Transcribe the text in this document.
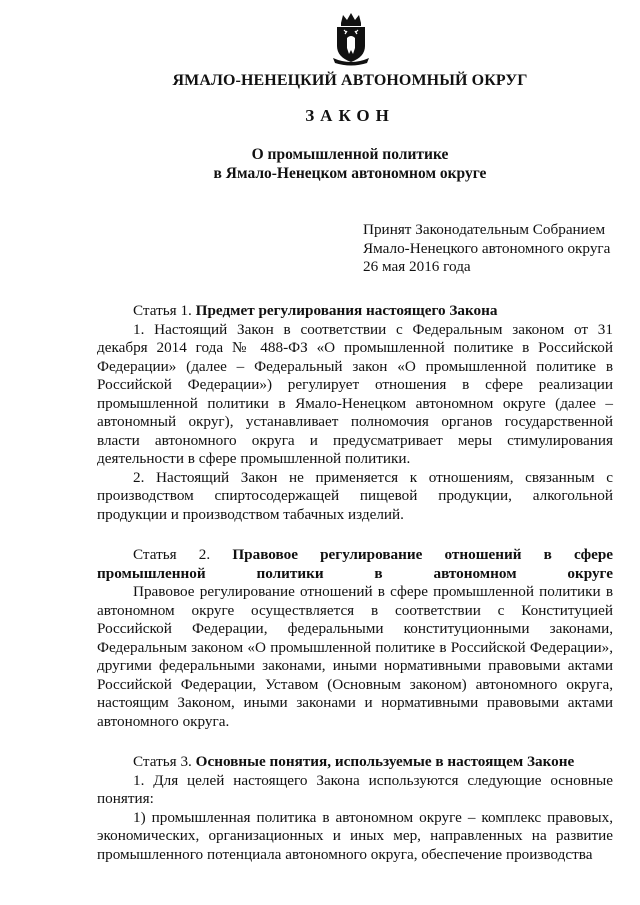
ЯМАЛО-НЕНЕЦКИЙ АВТОНОМНЫЙ ОКРУГ
ЗАКОН
О промышленной политике
в Ямало-Ненецком автономном округе
Принят Законодательным Собранием
Ямало-Ненецкого автономного округа
26 мая 2016 года
Статья 1. Предмет регулирования настоящего Закона

1. Настоящий Закон в соответствии с Федеральным законом от 31 декабря 2014 года № 488-ФЗ «О промышленной политике в Российской Федерации» (далее – Федеральный закон «О промышленной политике в Российской Федерации») регулирует отношения в сфере реализации промышленной политики в Ямало-Ненецком автономном округе (далее – автономный округ), устанавливает полномочия органов государственной власти автономного округа и предусматривает меры стимулирования деятельности в сфере промышленной политики.

2. Настоящий Закон не применяется к отношениям, связанным с производством спиртосодержащей пищевой продукции, алкогольной продукции и производством табачных изделий.

Статья 2. Правовое регулирование отношений в сфере промышленной политики в автономном округе

Правовое регулирование отношений в сфере промышленной политики в автономном округе осуществляется в соответствии с Конституцией Российской Федерации, федеральными конституционными законами, Федеральным законом «О промышленной политике в Российской Федерации», другими федеральными законами, иными нормативными правовыми актами Российской Федерации, Уставом (Основным законом) автономного округа, настоящим Законом, иными законами и нормативными правовыми актами автономного округа.

Статья 3. Основные понятия, используемые в настоящем Законе

1. Для целей настоящего Закона используются следующие основные понятия:

1) промышленная политика в автономном округе – комплекс правовых, экономических, организационных и иных мер, направленных на развитие промышленного потенциала автономного округа, обеспечение производства
